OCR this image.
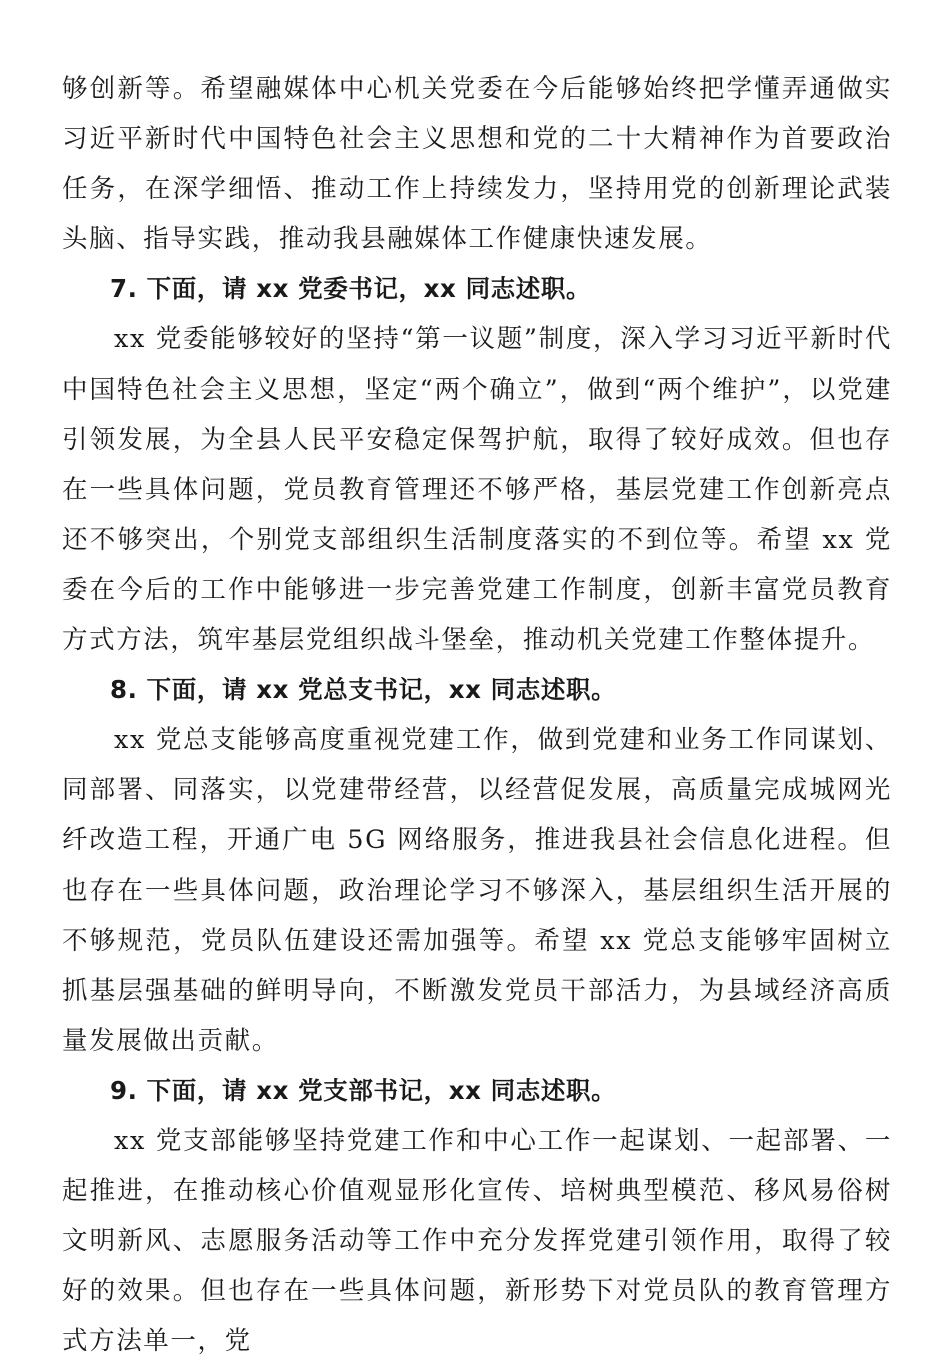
够创新等。希望融媒体中心机关党委在今后能够始终把学懂弄通做实习近平新时代中国特色社会主义思想和党的二十大精神作为首要政治任务，在深学细悟、推动工作上持续发力，坚持用党的创新理论武装头脑、指导实践，推动我县融媒体工作健康快速发展。

7. 下面，请 xx 党委书记，xx 同志述职。

xx 党委能够较好的坚持“第一议题”制度，深入学习习近平新时代中国特色社会主义思想，坚定“两个确立”，做到“两个维护”，以党建引领发展，为全县人民平安稳定保驾护航，取得了较好成效。但也存在一些具体问题，党员教育管理还不够严格，基层党建工作创新亮点还不够突出，个别党支部组织生活制度落实的不到位等。希望 xx 党委在今后的工作中能够进一步完善党建工作制度，创新丰富党员教育方式方法，筑牢基层党组织战斗堡垒，推动机关党建工作整体提升。

8. 下面，请 xx 党总支书记，xx 同志述职。

xx 党总支能够高度重视党建工作，做到党建和业务工作同谋划、同部署、同落实，以党建带经营，以经营促发展，高质量完成城网光纤改造工程，开通广电 5G 网络服务，推进我县社会信息化进程。但也存在一些具体问题，政治理论学习不够深入，基层组织生活开展的不够规范，党员队伍建设还需加强等。希望 xx 党总支能够牢固树立抓基层强基础的鲜明导向，不断激发党员干部活力，为县域经济高质量发展做出贡献。

9. 下面，请 xx 党支部书记，xx 同志述职。

xx 党支部能够坚持党建工作和中心工作一起谋划、一起部署、一起推进，在推动核心价值观显形化宣传、培树典型模范、移风易俗树文明新风、志愿服务活动等工作中充分发挥党建引领作用，取得了较好的效果。但也存在一些具体问题，新形势下对党员队的教育管理方式方法单一，党
